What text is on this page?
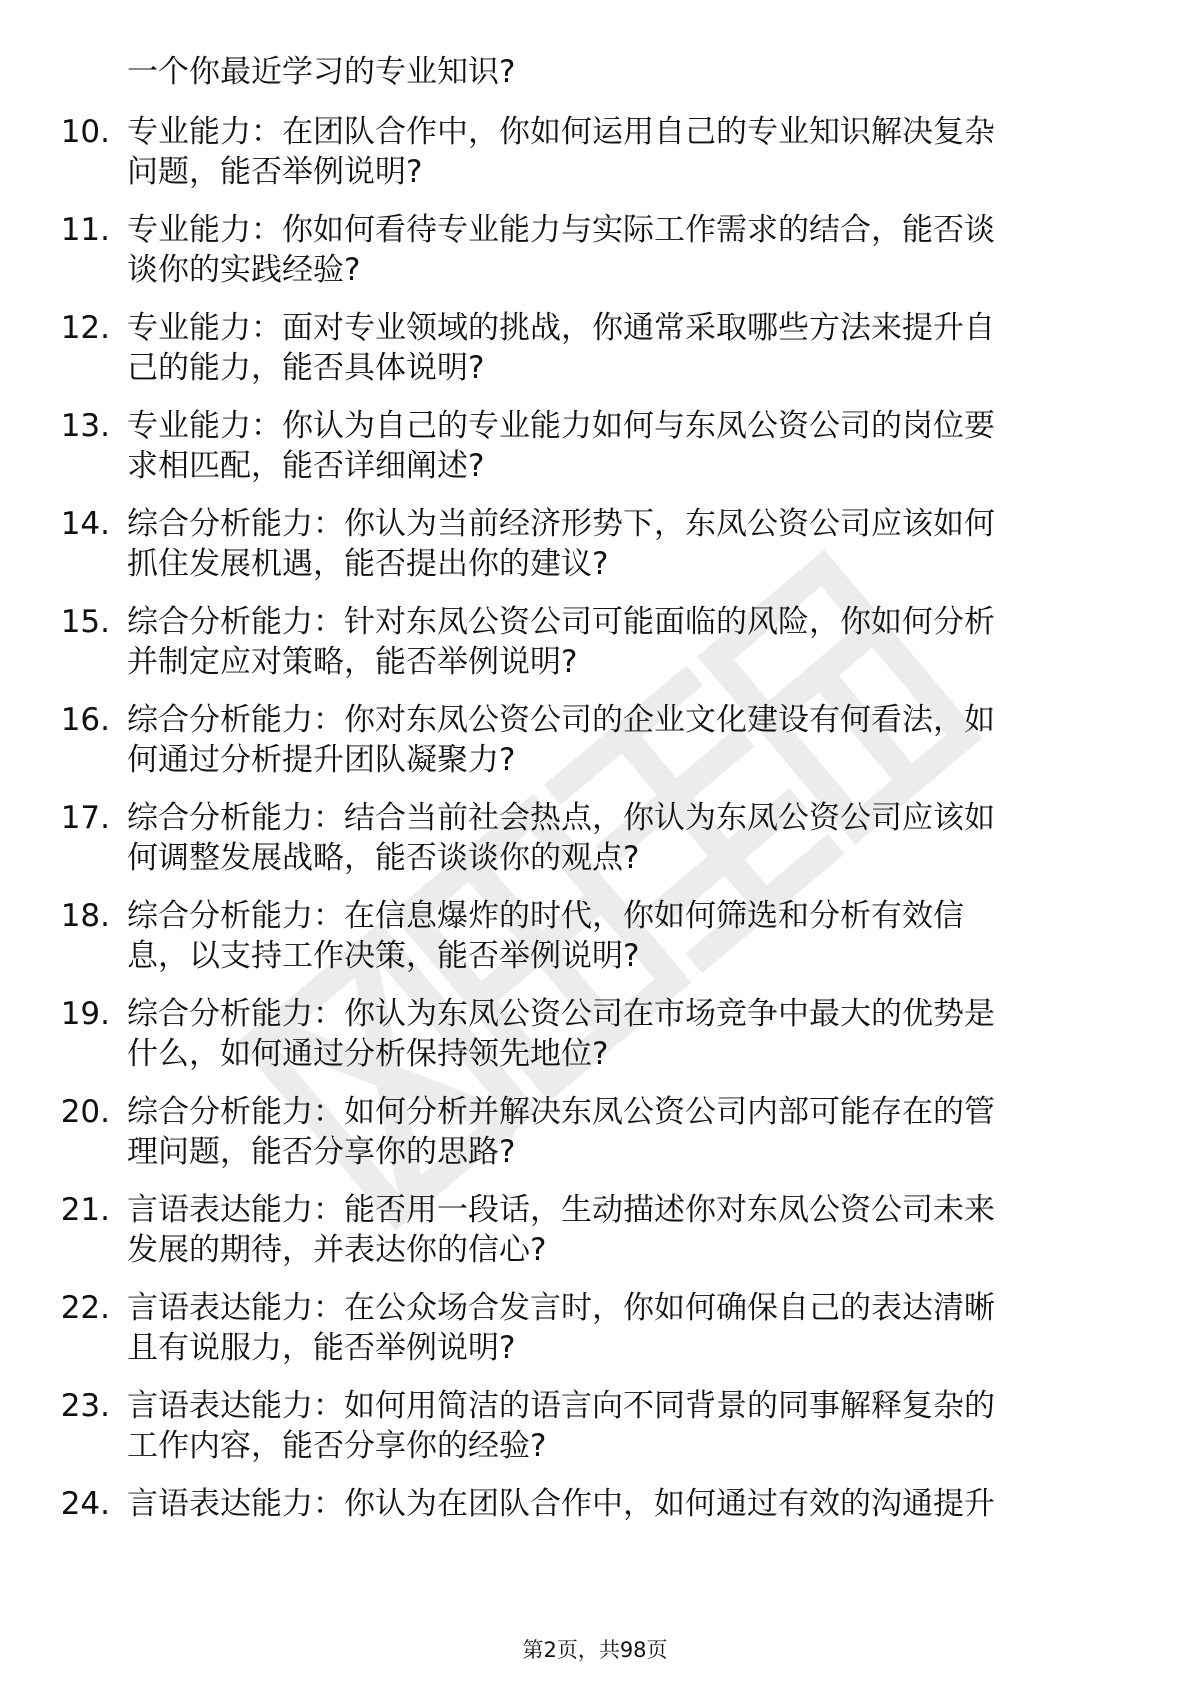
一个你最近学习的专业知识?
10. 专业能力：在团队合作中，你如何运用自己的专业知识解决复杂
问题，能否举例说明?
11. 专业能力：你如何看待专业能力与实际工作需求的结合，能否谈
谈你的实践经验?
12. 专业能力：面对专业领域的挑战，你通常采取哪些方法来提升自
己的能力，能否具体说明?
13. 专业能力：你认为自己的专业能力如何与东凤公资公司的岗位要
求相匹配，能否详细阐述?
14. 综合分析能力：你认为当前经济形势下，东凤公资公司应该如何
抓住发展机遇，能否提出你的建议?
15. 综合分析能力：针对东凤公资公司可能面临的风险，你如何分析
并制定应对策略，能否举例说明?
16. 综合分析能力：你对东凤公资公司的企业文化建设有何看法，如
何通过分析提升团队凝聚力?
17. 综合分析能力：结合当前社会热点，你认为东凤公资公司应该如
何调整发展战略，能否谈谈你的观点?
18. 综合分析能力：在信息爆炸的时代，你如何筛选和分析有效信
息，以支持工作决策，能否举例说明?
19. 综合分析能力：你认为东凤公资公司在市场竞争中最大的优势是
什么，如何通过分析保持领先地位?
20. 综合分析能力：如何分析并解决东凤公资公司内部可能存在的管
理问题，能否分享你的思路?
21. 言语表达能力：能否用一段话，生动描述你对东凤公资公司未来
发展的期待，并表达你的信心?
22. 言语表达能力：在公众场合发言时，你如何确保自己的表达清晰
且有说服力，能否举例说明?
23. 言语表达能力：如何用简洁的语言向不同背景的同事解释复杂的
工作内容，能否分享你的经验?
24. 言语表达能力：你认为在团队合作中，如何通过有效的沟通提升
第2页，共98页
